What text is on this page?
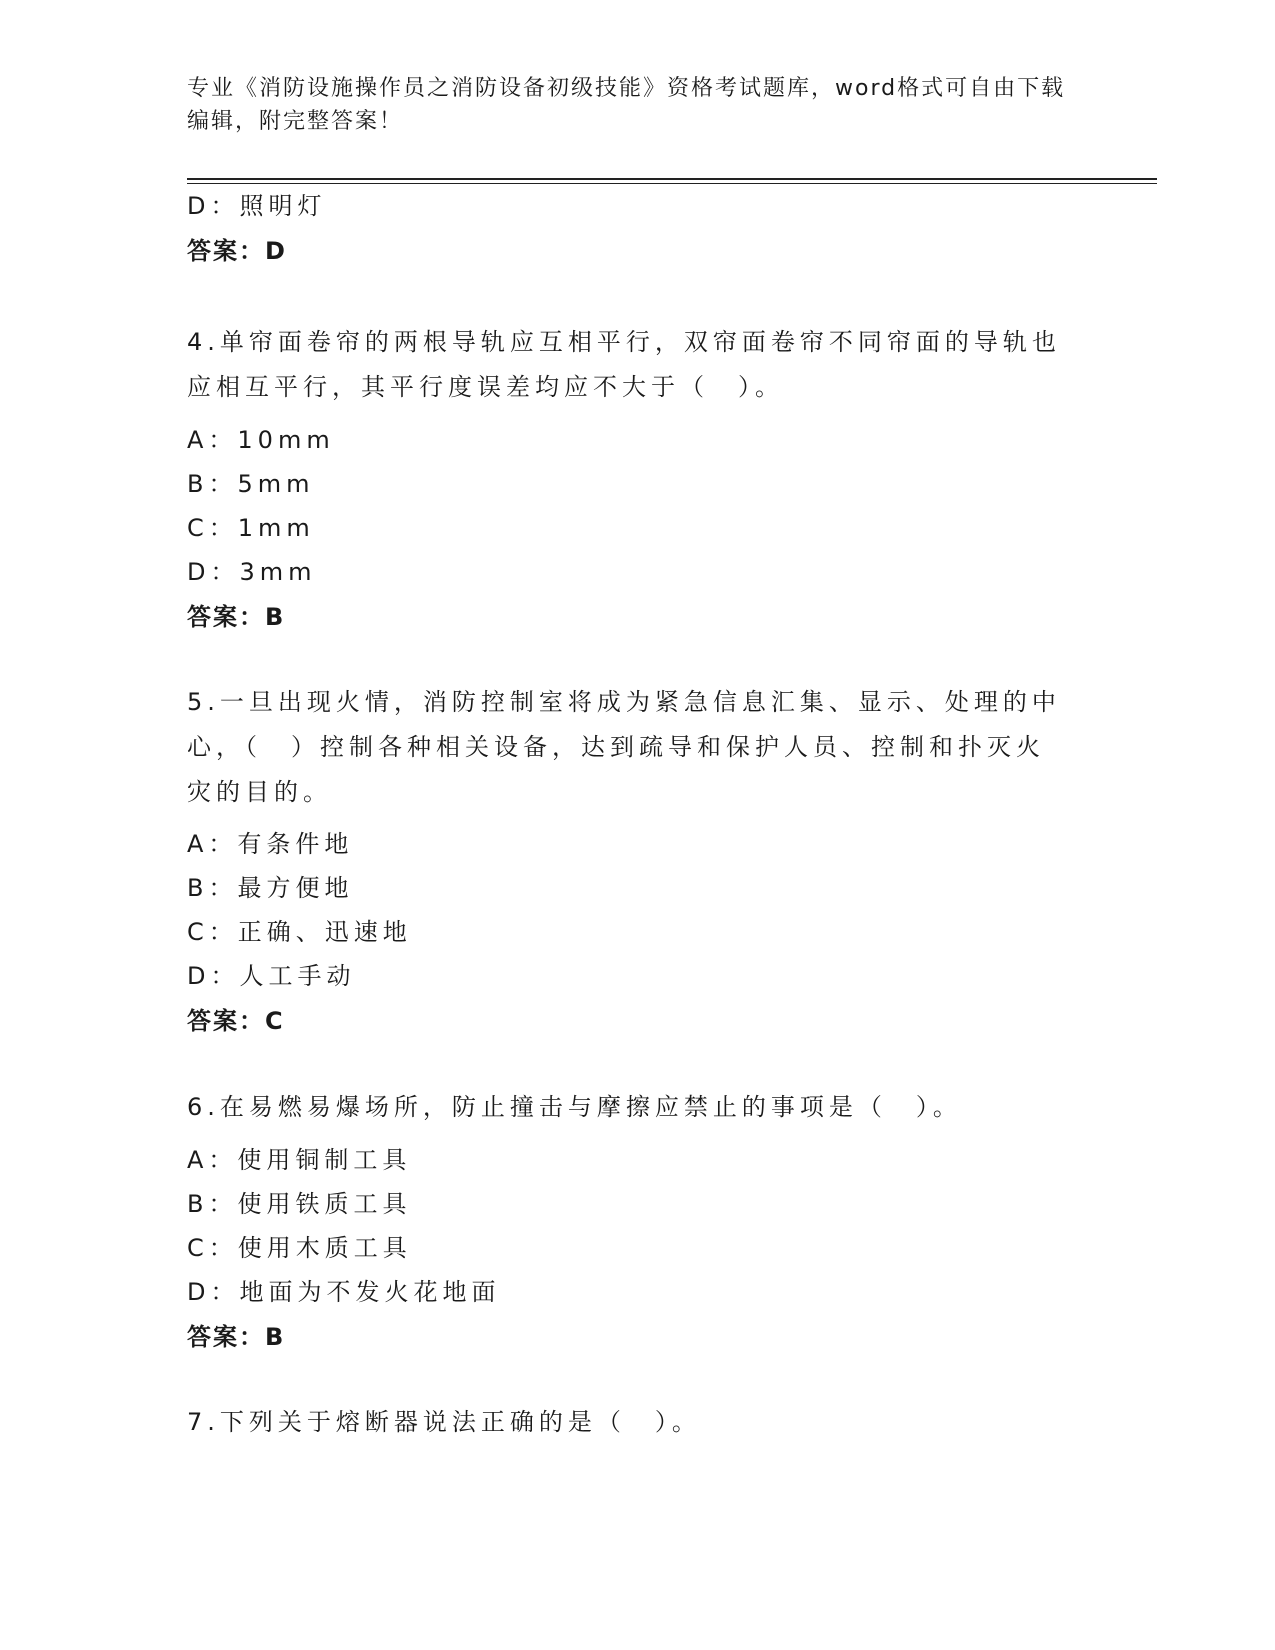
专业《消防设施操作员之消防设备初级技能》资格考试题库，word格式可自由下载编辑，附完整答案！
D：照明灯
答案：D
4.单帘面卷帘的两根导轨应互相平行，双帘面卷帘不同帘面的导轨也应相互平行，其平行度误差均应不大于（　）。
A：10mm
B：5mm
C：1mm
D：3mm
答案：B
5.一旦出现火情，消防控制室将成为紧急信息汇集、显示、处理的中心，（　）控制各种相关设备，达到疏导和保护人员、控制和扑灭火灾的目的。
A：有条件地
B：最方便地
C：正确、迅速地
D：人工手动
答案：C
6.在易燃易爆场所，防止撞击与摩擦应禁止的事项是（　）。
A：使用铜制工具
B：使用铁质工具
C：使用木质工具
D：地面为不发火花地面
答案：B
7.下列关于熔断器说法正确的是（　）。
